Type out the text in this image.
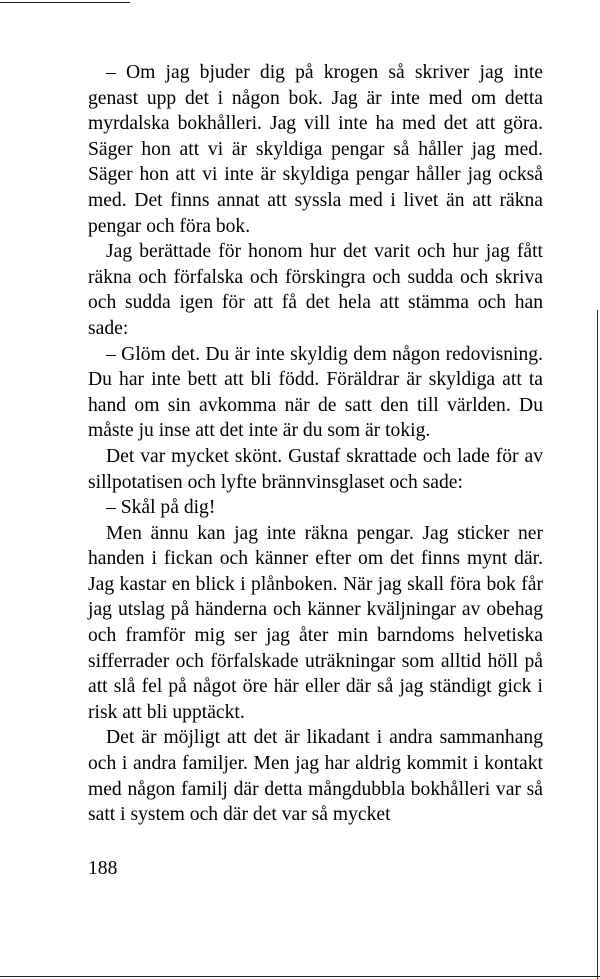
– Om jag bjuder dig på krogen så skriver jag inte genast upp det i någon bok. Jag är inte med om detta myrdalska bokhålleri. Jag vill inte ha med det att göra. Säger hon att vi är skyldiga pengar så håller jag med. Säger hon att vi inte är skyldiga pengar håller jag också med. Det finns annat att syssla med i livet än att räkna pengar och föra bok.

Jag berättade för honom hur det varit och hur jag fått räkna och förfalska och förskingra och sudda och skriva och sudda igen för att få det hela att stämma och han sade:

– Glöm det. Du är inte skyldig dem någon redovisning. Du har inte bett att bli född. Föräldrar är skyldiga att ta hand om sin avkomma när de satt den till världen. Du måste ju inse att det inte är du som är tokig.

Det var mycket skönt. Gustaf skrattade och lade för av sillpotatisen och lyfte brännvinsglaset och sade:

– Skål på dig!

Men ännu kan jag inte räkna pengar. Jag sticker ner handen i fickan och känner efter om det finns mynt där. Jag kastar en blick i plånboken. När jag skall föra bok får jag utslag på händerna och känner kväljningar av obehag och framför mig ser jag åter min barndoms helvetiska sifferrader och förfalskade uträkningar som alltid höll på att slå fel på något öre här eller där så jag ständigt gick i risk att bli upptäckt.

Det är möjligt att det är likadant i andra sammanhang och i andra familjer. Men jag har aldrig kommit i kontakt med någon familj där detta mångdubbla bokhålleri var så satt i system och där det var så mycket

188
